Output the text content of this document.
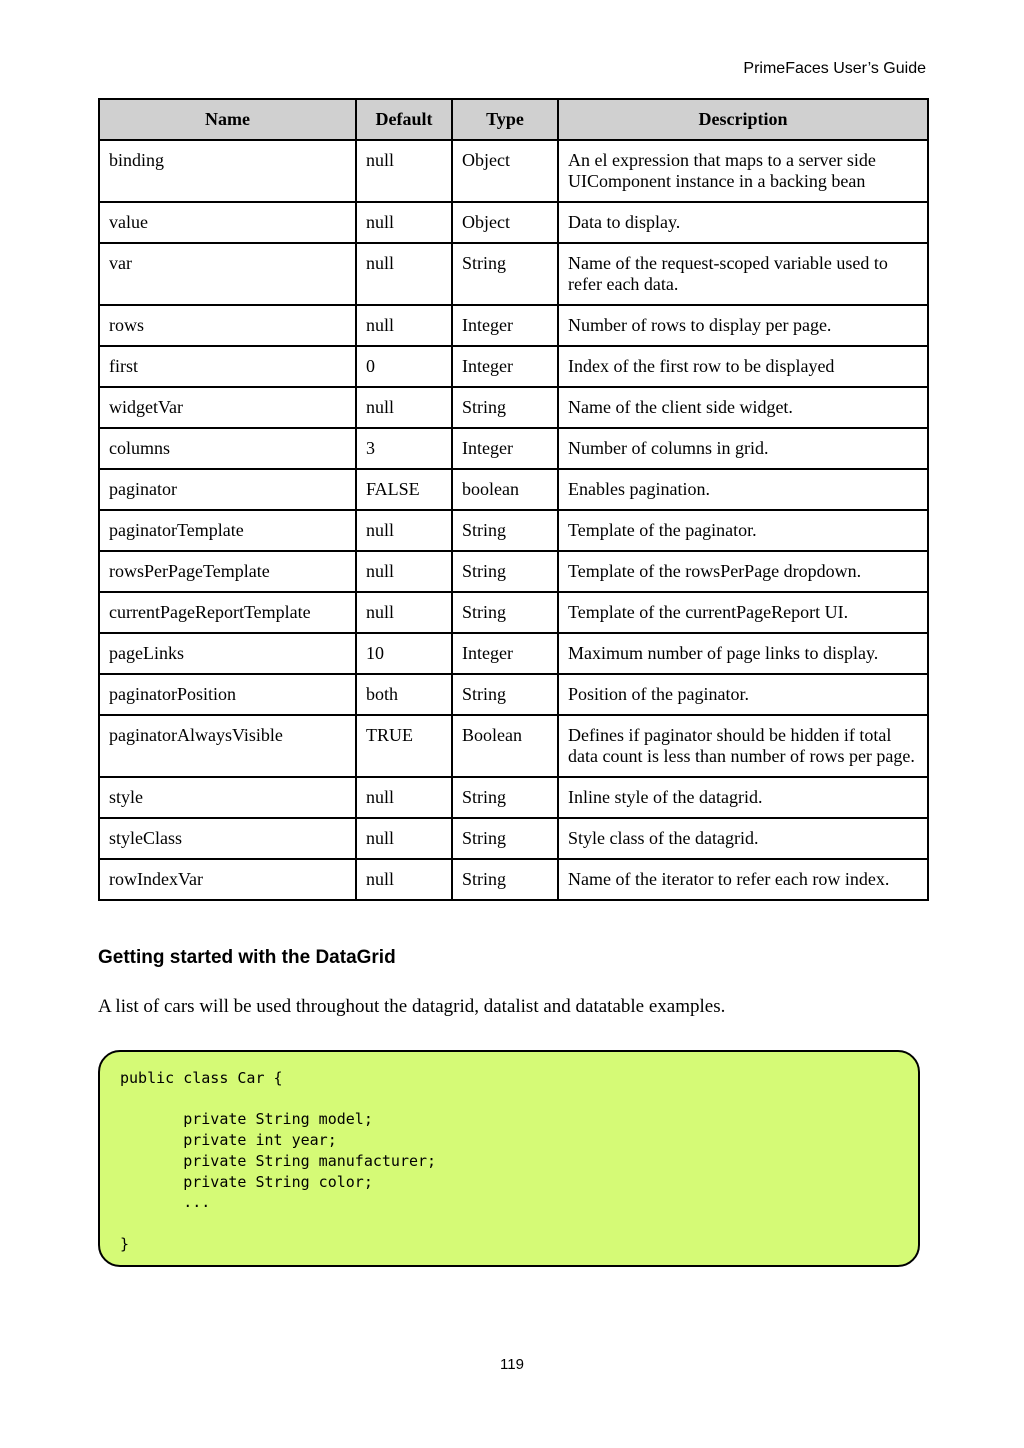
PrimeFaces User’s Guide

Name	Default	Type	Description
binding	null	Object	An el expression that maps to a server side UIComponent instance in a backing bean
value	null	Object	Data to display.
var	null	String	Name of the request-scoped variable used to refer each data.
rows	null	Integer	Number of rows to display per page.
first	0	Integer	Index of the first row to be displayed
widgetVar	null	String	Name of the client side widget.
columns	3	Integer	Number of columns in grid.
paginator	FALSE	boolean	Enables pagination.
paginatorTemplate	null	String	Template of the paginator.
rowsPerPageTemplate	null	String	Template of the rowsPerPage dropdown.
currentPageReportTemplate	null	String	Template of the currentPageReport UI.
pageLinks	10	Integer	Maximum number of page links to display.
paginatorPosition	both	String	Position of the paginator.
paginatorAlwaysVisible	TRUE	Boolean	Defines if paginator should be hidden if total data count is less than number of rows per page.
style	null	String	Inline style of the datagrid.
styleClass	null	String	Style class of the datagrid.
rowIndexVar	null	String	Name of the iterator to refer each row index.
Getting started with the DataGrid

A list of cars will be used throughout the datagrid, datalist and datatable examples.

public class Car {

private String model;
private int year;
private String manufacturer;
private String color;
...

}

119
